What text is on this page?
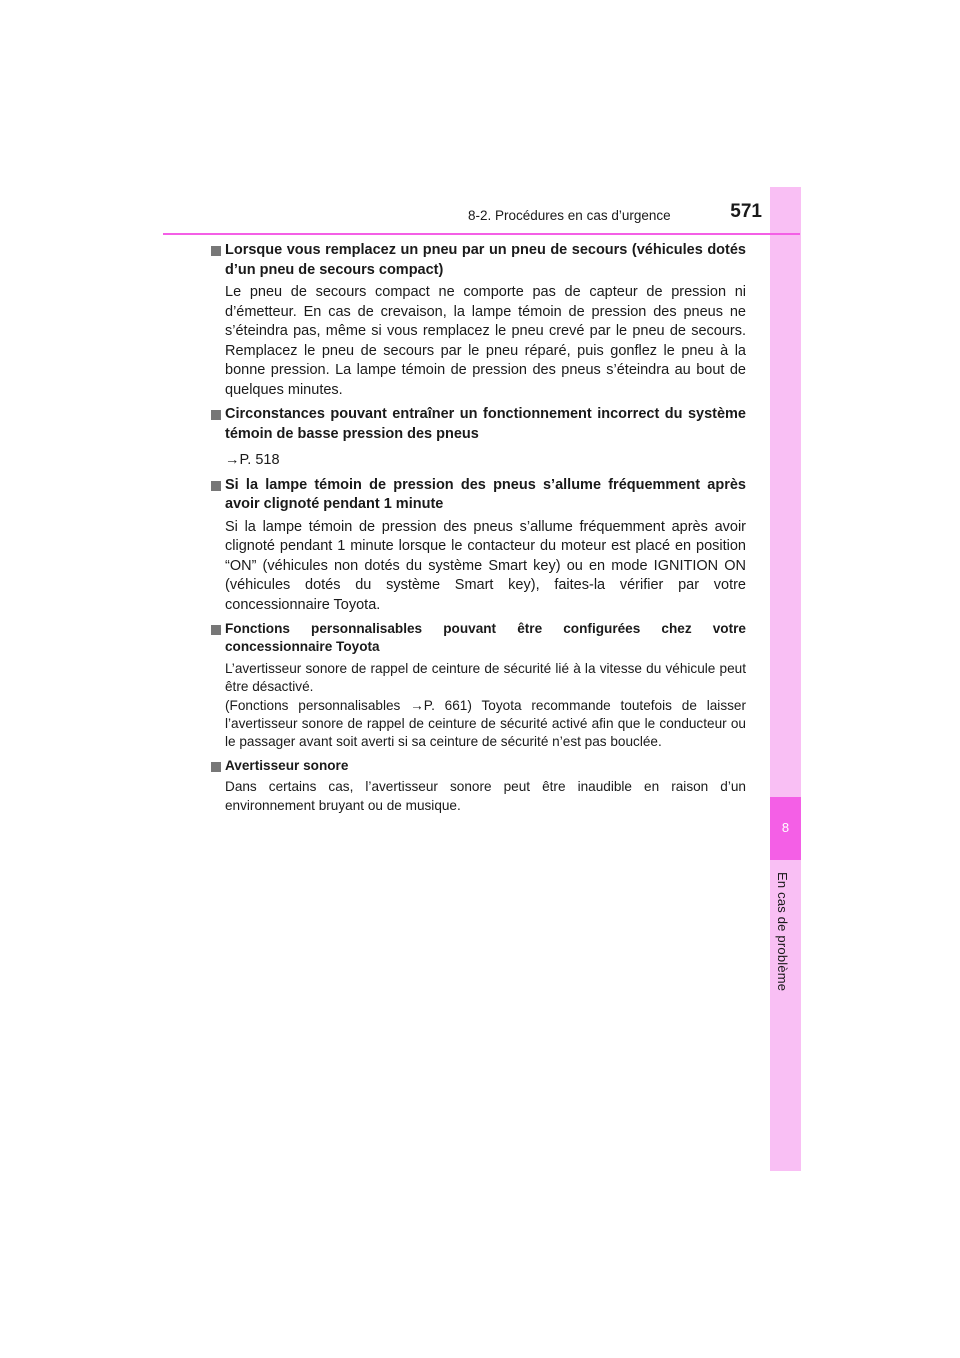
8
En cas de problème
8-2. Procédures en cas d’urgence	571
Lorsque vous remplacez un pneu par un pneu de secours (véhicules dotés d’un pneu de secours compact)
Le pneu de secours compact ne comporte pas de capteur de pression ni d’émetteur. En cas de crevaison, la lampe témoin de pression des pneus ne s’éteindra pas, même si vous remplacez le pneu crevé par le pneu de secours. Remplacez le pneu de secours par le pneu réparé, puis gonflez le pneu à la bonne pression. La lampe témoin de pression des pneus s’éteindra au bout de quelques minutes.
Circonstances pouvant entraîner un fonctionnement incorrect du système témoin de basse pression des pneus
→P. 518
Si la lampe témoin de pression des pneus s’allume fréquemment après avoir clignoté pendant 1 minute
Si la lampe témoin de pression des pneus s’allume fréquemment après avoir clignoté pendant 1 minute lorsque le contacteur du moteur est placé en position “ON” (véhicules non dotés du système Smart key) ou en mode IGNITION ON (véhicules dotés du système Smart key), faites-la vérifier par votre concessionnaire Toyota.
Fonctions personnalisables pouvant être configurées chez votre concessionnaire Toyota
L’avertisseur sonore de rappel de ceinture de sécurité lié à la vitesse du véhicule peut être désactivé.
(Fonctions personnalisables →P. 661) Toyota recommande toutefois de laisser l’avertisseur sonore de rappel de ceinture de sécurité activé afin que le conducteur ou le passager avant soit averti si sa ceinture de sécurité n’est pas bouclée.
Avertisseur sonore
Dans certains cas, l’avertisseur sonore peut être inaudible en raison d’un environnement bruyant ou de musique.
